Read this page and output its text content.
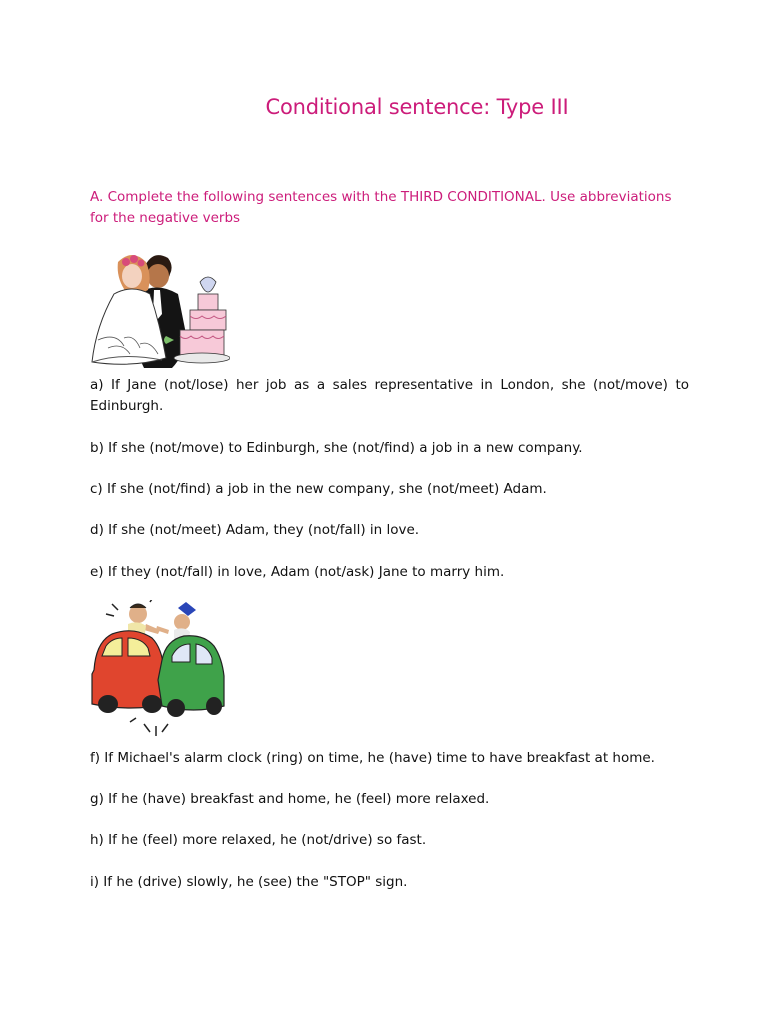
Conditional sentence: Type III
A. Complete the following sentences with the THIRD CONDITIONAL. Use abbreviations for the negative verbs
a) If Jane (not/lose) her job as a sales representative in London, she (not/move) to Edinburgh.
b) If she (not/move) to Edinburgh, she (not/find) a job in a new company.
c) If she (not/find) a job in the new company, she (not/meet) Adam.
d) If she (not/meet) Adam, they (not/fall) in love.
e) If they (not/fall) in love, Adam (not/ask) Jane to marry him.
f) If Michael's alarm clock (ring) on time, he (have) time to have breakfast at home.
g) If he (have) breakfast and home, he (feel) more relaxed.
h) If he (feel) more relaxed, he (not/drive) so fast.
i) If he (drive) slowly, he (see) the "STOP" sign.
